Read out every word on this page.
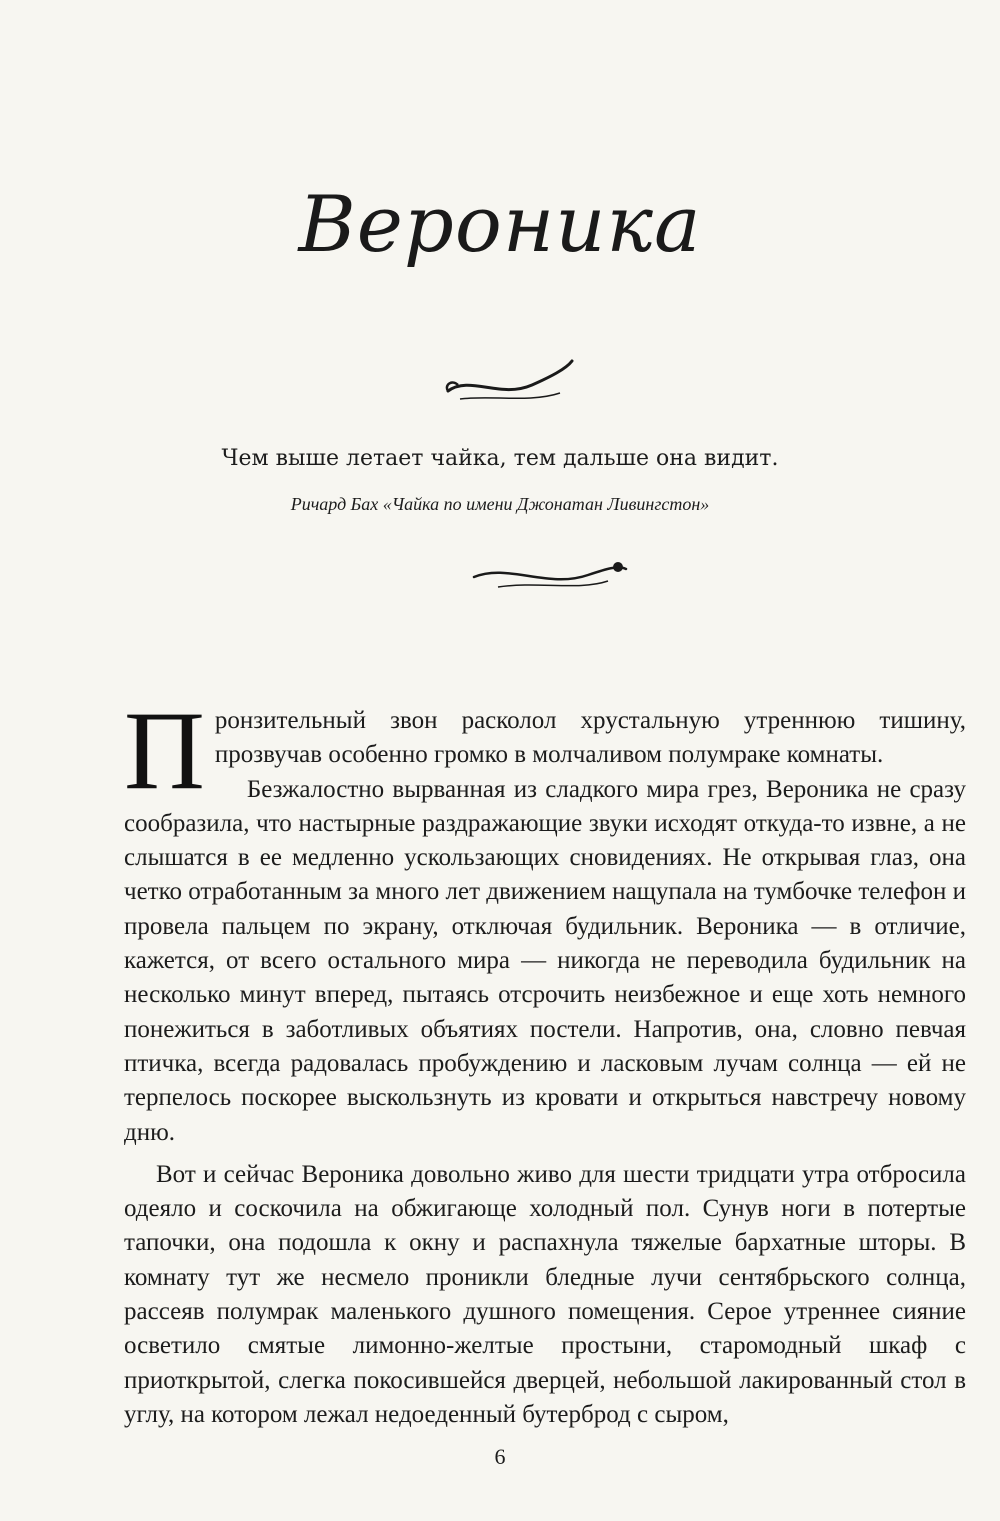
Вероника
Чем выше летает чайка, тем дальше она видит.
Ричард Бах «Чайка по имени Джонатан Ливингстон»

Пронзительный звон расколол хрустальную утреннюю тишину, прозвучав особенно громко в молчаливом полумраке комнаты.

Безжалостно вырванная из сладкого мира грез, Вероника не сразу сообразила, что настырные раздражающие звуки исходят откуда-то извне, а не слышатся в ее медленно ускользающих сновидениях. Не открывая глаз, она четко отработанным за много лет движением нащупала на тумбочке телефон и провела пальцем по экрану, отключая будильник. Вероника — в отличие, кажется, от всего остального мира — никогда не переводила будильник на несколько минут вперед, пытаясь отсрочить неизбежное и еще хоть немного понежиться в заботливых объятиях постели. Напротив, она, словно певчая птичка, всегда радовалась пробуждению и ласковым лучам солнца — ей не терпелось поскорее выскользнуть из кровати и открыться навстречу новому дню.

Вот и сейчас Вероника довольно живо для шести тридцати утра отбросила одеяло и соскочила на обжигающе холодный пол. Сунув ноги в потертые тапочки, она подошла к окну и распахнула тяжелые бархатные шторы. В комнату тут же несмело проникли бледные лучи сентябрьского солнца, рассеяв полумрак маленького душного помещения. Серое утреннее сияние осветило смятые лимонно-желтые простыни, старомодный шкаф с приоткрытой, слегка покосившейся дверцей, небольшой лакированный стол в углу, на котором лежал недоеденный бутерброд с сыром,

6
